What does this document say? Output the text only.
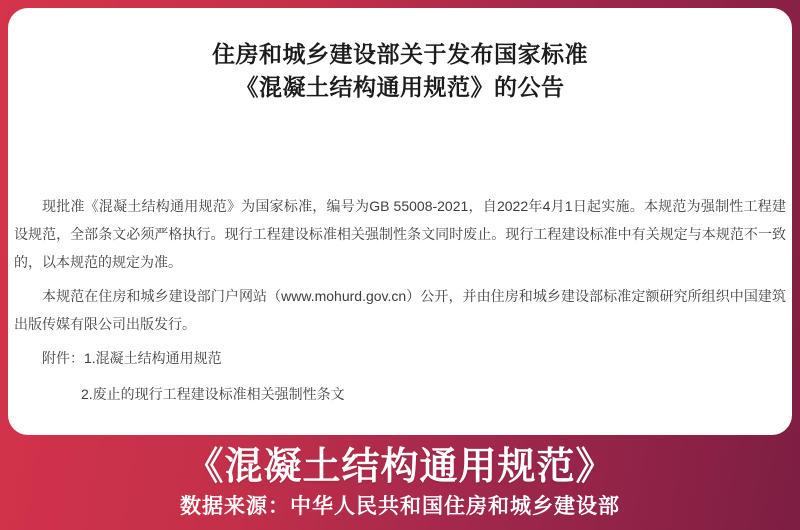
住房和城乡建设部关于发布国家标准
《混凝土结构通用规范》的公告

现批准《混凝土结构通用规范》为国家标准，编号为GB 55008-2021，自2022年4月1日起实施。本规范为强制性工程建设规范，全部条文必须严格执行。现行工程建设标准相关强制性条文同时废止。现行工程建设标准中有关规定与本规范不一致的，以本规范的规定为准。

本规范在住房和城乡建设部门户网站（www.mohurd.gov.cn）公开，并由住房和城乡建设部标准定额研究所组织中国建筑出版传媒有限公司出版发行。

附件：1.混凝土结构通用规范
2.废止的现行工程建设标准相关强制性条文
《混凝土结构通用规范》
数据来源：中华人民共和国住房和城乡建设部
